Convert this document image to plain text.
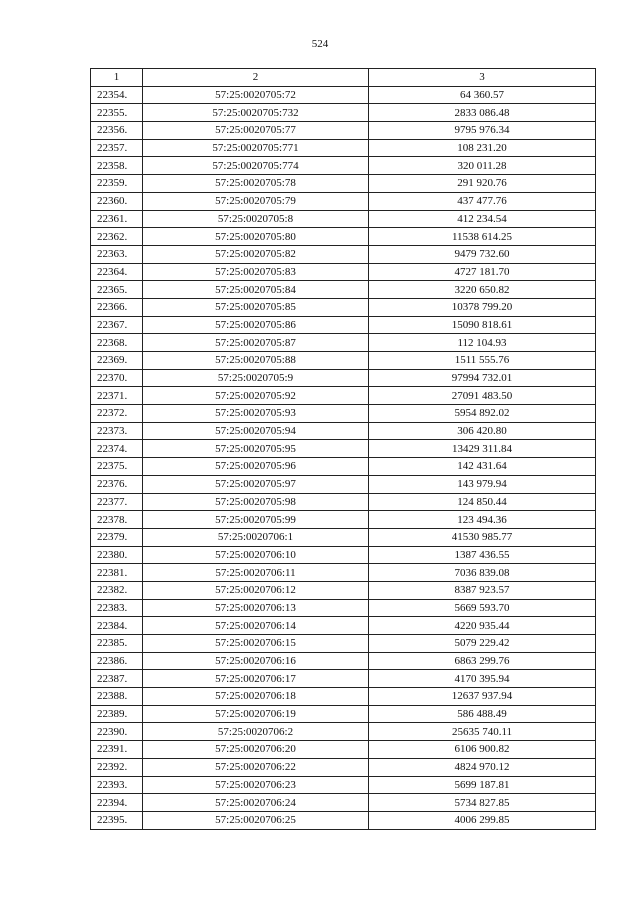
524
1	2	3
22354.	57:25:0020705:72	64 360.57
22355.	57:25:0020705:732	2833 086.48
22356.	57:25:0020705:77	9795 976.34
22357.	57:25:0020705:771	108 231.20
22358.	57:25:0020705:774	320 011.28
22359.	57:25:0020705:78	291 920.76
22360.	57:25:0020705:79	437 477.76
22361.	57:25:0020705:8	412 234.54
22362.	57:25:0020705:80	11538 614.25
22363.	57:25:0020705:82	9479 732.60
22364.	57:25:0020705:83	4727 181.70
22365.	57:25:0020705:84	3220 650.82
22366.	57:25:0020705:85	10378 799.20
22367.	57:25:0020705:86	15090 818.61
22368.	57:25:0020705:87	112 104.93
22369.	57:25:0020705:88	1511 555.76
22370.	57:25:0020705:9	97994 732.01
22371.	57:25:0020705:92	27091 483.50
22372.	57:25:0020705:93	5954 892.02
22373.	57:25:0020705:94	306 420.80
22374.	57:25:0020705:95	13429 311.84
22375.	57:25:0020705:96	142 431.64
22376.	57:25:0020705:97	143 979.94
22377.	57:25:0020705:98	124 850.44
22378.	57:25:0020705:99	123 494.36
22379.	57:25:0020706:1	41530 985.77
22380.	57:25:0020706:10	1387 436.55
22381.	57:25:0020706:11	7036 839.08
22382.	57:25:0020706:12	8387 923.57
22383.	57:25:0020706:13	5669 593.70
22384.	57:25:0020706:14	4220 935.44
22385.	57:25:0020706:15	5079 229.42
22386.	57:25:0020706:16	6863 299.76
22387.	57:25:0020706:17	4170 395.94
22388.	57:25:0020706:18	12637 937.94
22389.	57:25:0020706:19	586 488.49
22390.	57:25:0020706:2	25635 740.11
22391.	57:25:0020706:20	6106 900.82
22392.	57:25:0020706:22	4824 970.12
22393.	57:25:0020706:23	5699 187.81
22394.	57:25:0020706:24	5734 827.85
22395.	57:25:0020706:25	4006 299.85
